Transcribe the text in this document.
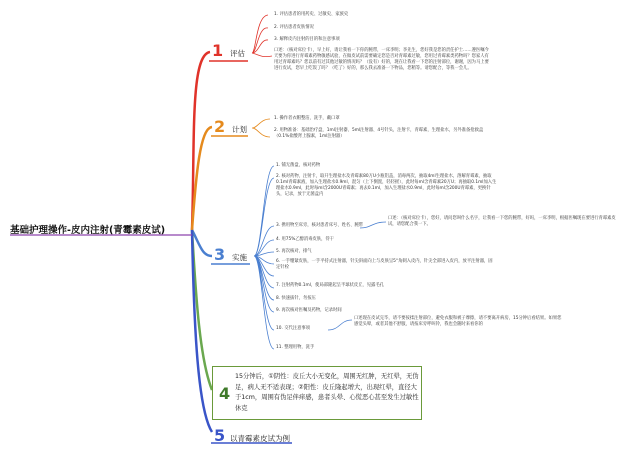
基础护理操作-皮内注射(青霉素皮试)
1 评估
1. 评估患者的用药史、过敏史、家族史
2. 评估患者皮肤情况
3. 解释皮内注射的目的和注意事项
口述：（核对床位卡），早上好，请让我看一下你的腕带，一床李明；李先生，您好我是您的责任护士……遵医嘱今天要为你进行青霉素药物敏感试验，在做皮试前需要确定您是否对青霉素过敏，您用过青霉素类药物吗？您家人有用过青霉素吗？您以前有过其他过敏的情况吗？（没有）好的，现在让我看一下您的注射部位，谢谢，因为马上要进行皮试，您早上吃饭了吗？（吃了）好的，那么我去准备一下物品，您稍等。请您配合，等我一会儿。
2 计划
1. 操作者衣帽整洁，洗手，戴口罩
2. 用物准备：基础治疗盘，1ml注射器、5ml注射器、4号针头，注射卡，青霉素，生理盐水，另外准备抢救盒（0.1%盐酸肾上腺素，1ml注射器）
3 实施
1. 铺无菌盘，核对药物
2. 核对药物，注射卡，取开生理盐水及青霉素80万U小瓶铝盖，消毒两次，抽取4ml生理盐水，溶解青霉素，抽取0.1ml青霉素液，加入生理盐水0.9ml，混匀（上下倒置，轻轻摇），此时每ml含青霉素20万U；再抽取0.1ml加入生理盐水0.9ml，此时每ml含2000U青霉素；再去0.1ml，加入生理盐水0.9ml，此时每ml含200U青霉素，更换针头，记录，放于无菌盒内
3. 携用物至床旁，核对患者床号、姓名、腕带
口述：（核对床位卡），您好，请问您叫什么名字，让我看一下您的腕带，好吗，一床李明，根据医嘱现在要进行青霉素皮试，请您配合我一下。
4. 用75%乙醇消毒皮肤，待干
5. 再次核对，排气
6. 一手绷紧皮肤，一手平持式注射器，针尖斜面向上与皮肤呈5°角刺入皮内，针尖全部进入皮内，放平注射器，固定针栓
7. 注射药物0.1ml，使局部隆起呈半球状皮丘，见露毛孔
8. 快速拔针，勿按压
9. 再次核对医嘱及药物，记录时间
10. 交代注意事项
口述现在皮试完毕，请不要按揉注射部位，避免衣服和被子摩擦，请不要离开病房，15分钟后看结果。如果您感觉头晕，或者其他不舒服，请按床旁呼叫铃，我也会随时来看你的
11. 整理用物，洗手
4
15分钟后，①阴性：皮丘大小无变化，周围无红肿，无红晕，无伪足，病人无不适表现；②阳性：皮丘隆起增大，出现红晕，直径大于1cm，周围有伪足伴痒感，患者头晕、心慌恶心甚至发生过敏性休克
5 以青霉素皮试为例
